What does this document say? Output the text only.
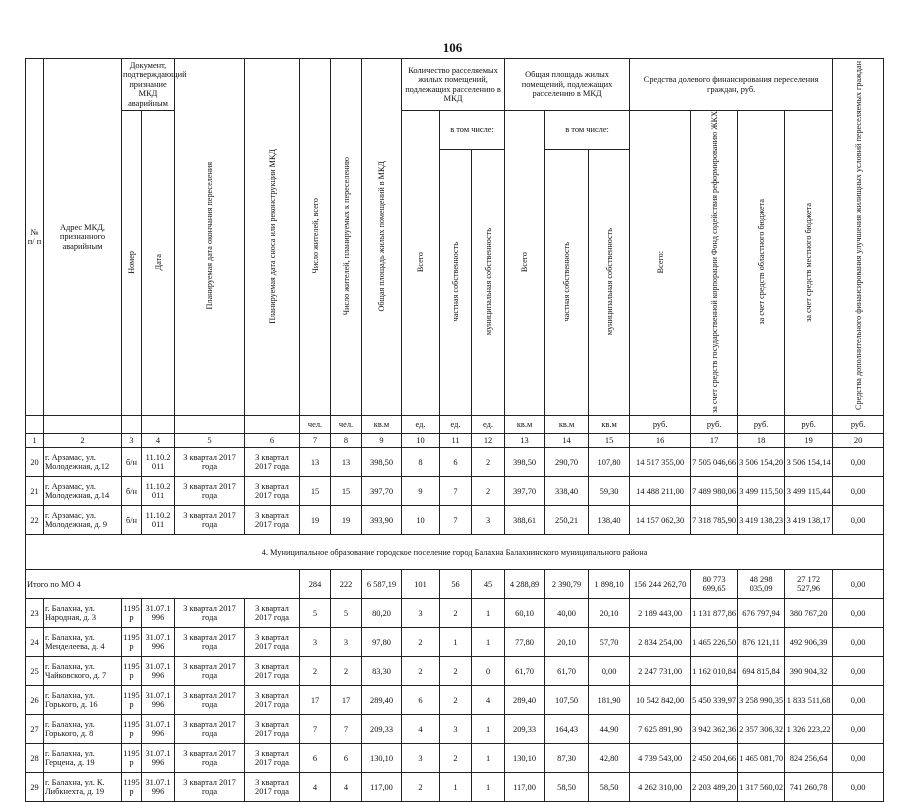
106
№ п/ п	Адрес МКД, признанного аварийным	Документ, подтверждающий признание МКД аварийным		Планируемая дата окончания переселения	Планируемая дата сноса или реконструкции МКД	Число жителей, всего	Число жителей, планируемых к переселению	Общая площадь жилых помещений в МКД	Количество расселяемых жилых помещений, подлежащих расселению в МКД			Общая площадь жилых помещений, подлежащих расселению в МКД			Средства долевого финансирования переселения граждан, руб.				Средства дополнительного финансирования улучшения жилищных условий переселяемых граждан
		Номер	Дата						Всего	в том числе:		Всего	в том числе:		Всего:	за счет средств государственной корпорации Фонд содействия реформированию ЖКХ	за счет средств областного бюджета	за счет средств местного бюджета	
										частная собственность	муниципальная собственность		частная собственность	муниципальная собственность					
						чел.	чел.	кв.м	ед.	ед.	ед.	кв.м	кв.м	кв.м	руб.	руб.	руб.	руб.	руб.
1	2	3	4	5	6	7	8	9	10	11	12	13	14	15	16	17	18	19	20
20	г. Арзамас, ул. Молодежная, д.12	б/н	11.10.2 011	3 квартал 2017 года	3 квартал 2017 года	13	13	398,50	8	6	2	398,50	290,70	107,80	14 517 355,00	7 505 046,66	3 506 154,20	3 506 154,14	0,00
21	г. Арзамас, ул. Молодежная, д.14	б/н	11.10.2 011	3 квартал 2017 года	3 квартал 2017 года	15	15	397,70	9	7	2	397,70	338,40	59,30	14 488 211,00	7 489 980,06	3 499 115,50	3 499 115,44	0,00
22	г. Арзамас, ул. Молодежная, д. 9	б/н	11.10.2 011	3 квартал 2017 года	3 квартал 2017 года	19	19	393,90	10	7	3	388,61	250,21	138,40	14 157 062,30	7 318 785,90	3 419 138,23	3 419 138,17	0,00
4. Муниципальное образование городское поселение город Балахна Балахнинского муниципального района																			
Итого по МО 4						284	222	6 587,19	101	56	45	4 288,89	2 390,79	1 898,10	156 244 262,70	80 773 699,65	48 298 035,09	27 172 527,96	0,00
23	г. Балахна, ул. Народная, д. 3	1195 р	31.07.1 996	3 квартал 2017 года	3 квартал 2017 года	5	5	80,20	3	2	1	60,10	40,00	20,10	2 189 443,00	1 131 877,86	676 797,94	380 767,20	0,00
24	г. Балахна, ул. Менделеева, д. 4	1195 р	31.07.1 996	3 квартал 2017 года	3 квартал 2017 года	3	3	97,80	2	1	1	77,80	20,10	57,70	2 834 254,00	1 465 226,50	876 121,11	492 906,39	0,00
25	г. Балахна, ул. Чайковского, д. 7	1195 р	31.07.1 996	3 квартал 2017 года	3 квартал 2017 года	2	2	83,30	2	2	0	61,70	61,70	0,00	2 247 731,00	1 162 010,84	694 815,84	390 904,32	0,00
26	г. Балахна, ул. Горького, д. 16	1195 р	31.07.1 996	3 квартал 2017 года	3 квартал 2017 года	17	17	289,40	6	2	4	289,40	107,50	181,90	10 542 842,00	5 450 339,97	3 258 990,35	1 833 511,68	0,00
27	г. Балахна, ул. Горького, д. 8	1195 р	31.07.1 996	3 квартал 2017 года	3 квартал 2017 года	7	7	209,33	4	3	1	209,33	164,43	44,90	7 625 891,90	3 942 362,36	2 357 306,32	1 326 223,22	0,00
28	г. Балахна, ул. Герцена, д. 19	1195 р	31.07.1 996	3 квартал 2017 года	3 квартал 2017 года	6	6	130,10	3	2	1	130,10	87,30	42,80	4 739 543,00	2 450 204,66	1 465 081,70	824 256,64	0,00
29	г. Балахна, ул. К. Либкнехта, д. 19	1195 р	31.07.1 996	3 квартал 2017 года	3 квартал 2017 года	4	4	117,00	2	1	1	117,00	58,50	58,50	4 262 310,00	2 203 489,20	1 317 560,02	741 260,78	0,00
